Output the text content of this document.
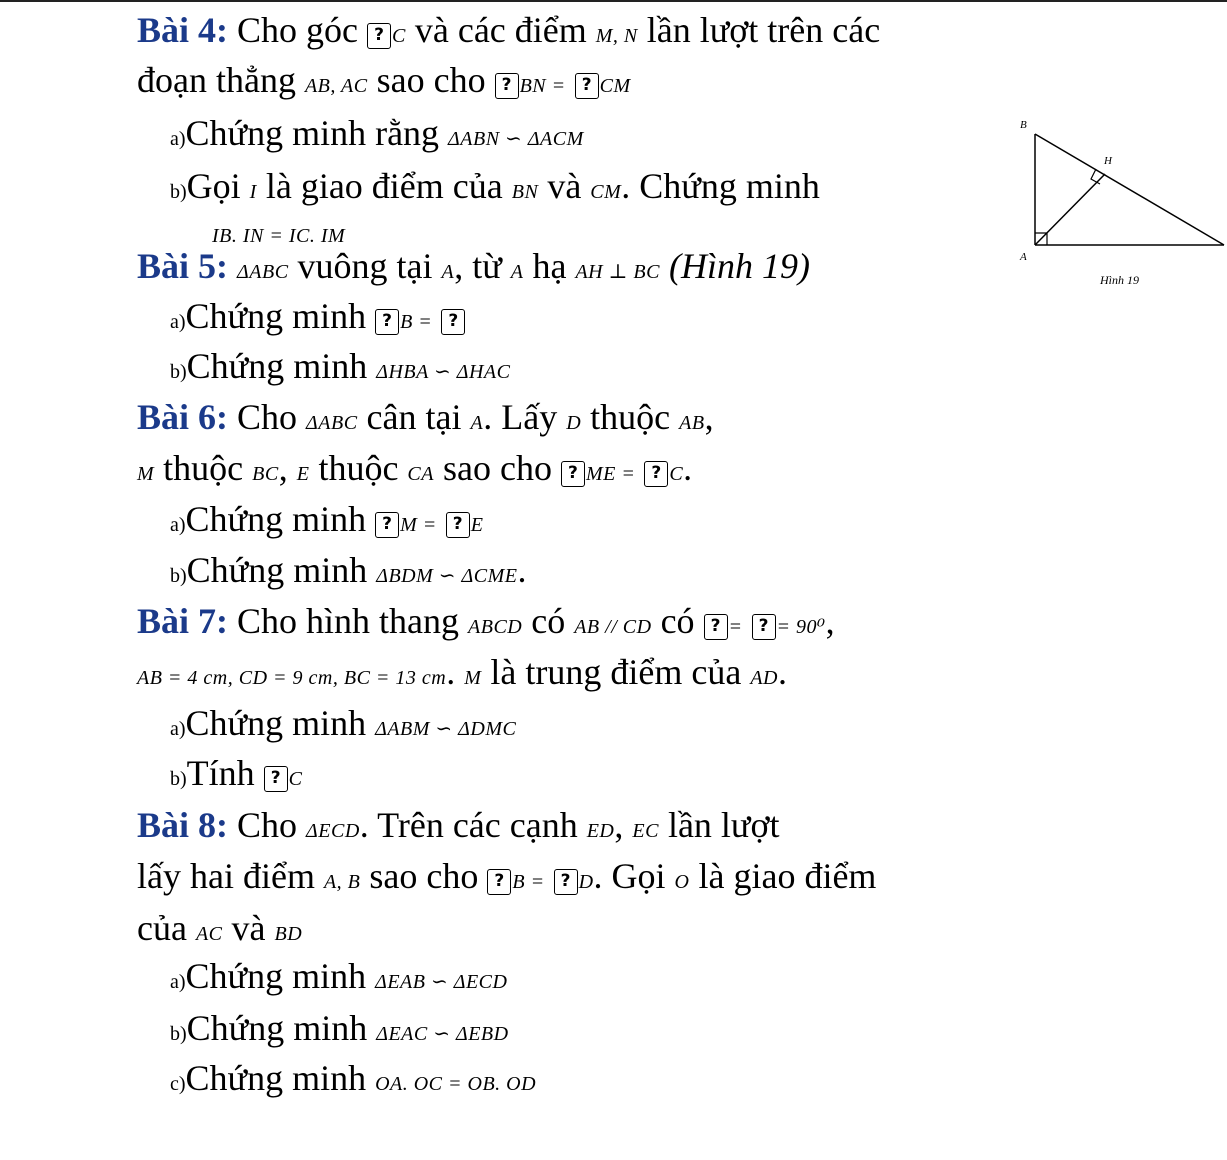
Bài 4: Cho góc ? C và các điểm M, N lần lượt trên các
đoạn thẳng AB, AC sao cho ? BN = ? CM
a)Chứng minh rằng ΔABN ∽ ΔACM
b)Gọi I là giao điểm của BN và CM. Chứng minh
IB. IN = IC. IM
Bài 5: ΔABC vuông tại A, từ A hạ AH ⊥ BC (Hình 19)
a)Chứng minh ? B = ?
b)Chứng minh ΔHBA ∽ ΔHAC
B
H
A
Hình 19
Bài 6: Cho ΔABC cân tại A. Lấy D thuộc AB,
M thuộc BC, E thuộc CA sao cho ? ME = ? C.
a)Chứng minh ? M = ? E
b)Chứng minh ΔBDM ∽ ΔCME.
Bài 7: Cho hình thang ABCD có AB // CD có ? = ? = 90⁰,
AB = 4 cm, CD = 9 cm, BC = 13 cm. M là trung điểm của AD.
a)Chứng minh ΔABM ∽ ΔDMC
b)Tính ? C
Bài 8: Cho ΔECD. Trên các cạnh ED, EC lần lượt
lấy hai điểm A, B sao cho ? B = ? D. Gọi O là giao điểm
của AC và BD
a)Chứng minh ΔEAB ∽ ΔECD
b)Chứng minh ΔEAC ∽ ΔEBD
c)Chứng minh OA. OC = OB. OD
